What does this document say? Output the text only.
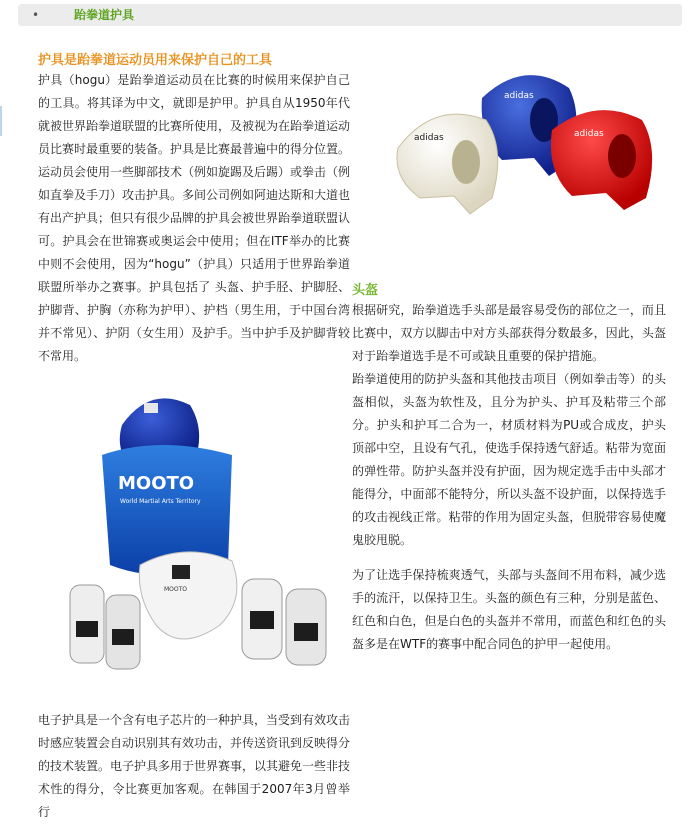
•	跆拳道护具
护具是跆拳道运动员用来保护自己的工具

护具（hogu）是跆拳道运动员在比赛的时候用来保护自己的工具。将其译为中文，就即是护甲。护具自从1950年代就被世界跆拳道联盟的比赛所使用，及被视为在跆拳道运动员比赛时最重要的装备。护具是比赛最普遍中的得分位置。运动员会使用一些脚部技术（例如旋踢及后踢）或拳击（例如直拳及手刀）攻击护具。多间公司例如阿迪达斯和大道也有出产护具；但只有很少品牌的护具会被世界跆拳道联盟认可。护具会在世锦赛或奥运会中使用；但在ITF举办的比赛中则不会使用，因为“hogu”（护具）只适用于世界跆拳道联盟所举办之赛事。护具包括了 头盔、护手胫、护脚胫、护脚背、护胸（亦称为护甲）、护档（男生用，于中国台湾并不常见）、护阴（女生用）及护手。当中护手及护脚背较不常用。

adidas
adidas
adidas
头盔

根据研究，跆拳道选手头部是最容易受伤的部位之一，而且比赛中，双方以脚击中对方头部获得分数最多，因此，头盔对于跆拳道选手是不可或缺且重要的保护措施。

跆拳道使用的防护头盔和其他技击项目（例如拳击等）的头盔相似，头盔为软性及，且分为护头、护耳及粘带三个部分。护头和护耳二合为一，材质材料为PU或合成皮，护头顶部中空，且设有气孔，使选手保持透气舒适。粘带为宽面的弹性带。防护头盔并没有护面，因为规定选手击中头部才能得分，中面部不能特分，所以头盔不设护面，以保持选手的攻击视线正常。粘带的作用为固定头盔，但脱带容易使魔鬼胶甩脱。

为了让选手保持梳爽透气，头部与头盔间不用布料，减少选手的流汗，以保持卫生。头盔的颜色有三种，分别是蓝色、红色和白色，但是白色的头盔并不常用，而蓝色和红色的头盔多是在WTF的赛事中配合同色的护甲一起使用。

MOOTO
World Martial Arts Territory
MOOTO

电子护具是一个含有电子芯片的一种护具，当受到有效攻击时感应装置会自动识别其有效功击，并传送资讯到反映得分的技术装置。电子护具多用于世界赛事，以其避免一些非技术性的得分，令比赛更加客观。在韩国于2007年3月曾举行
